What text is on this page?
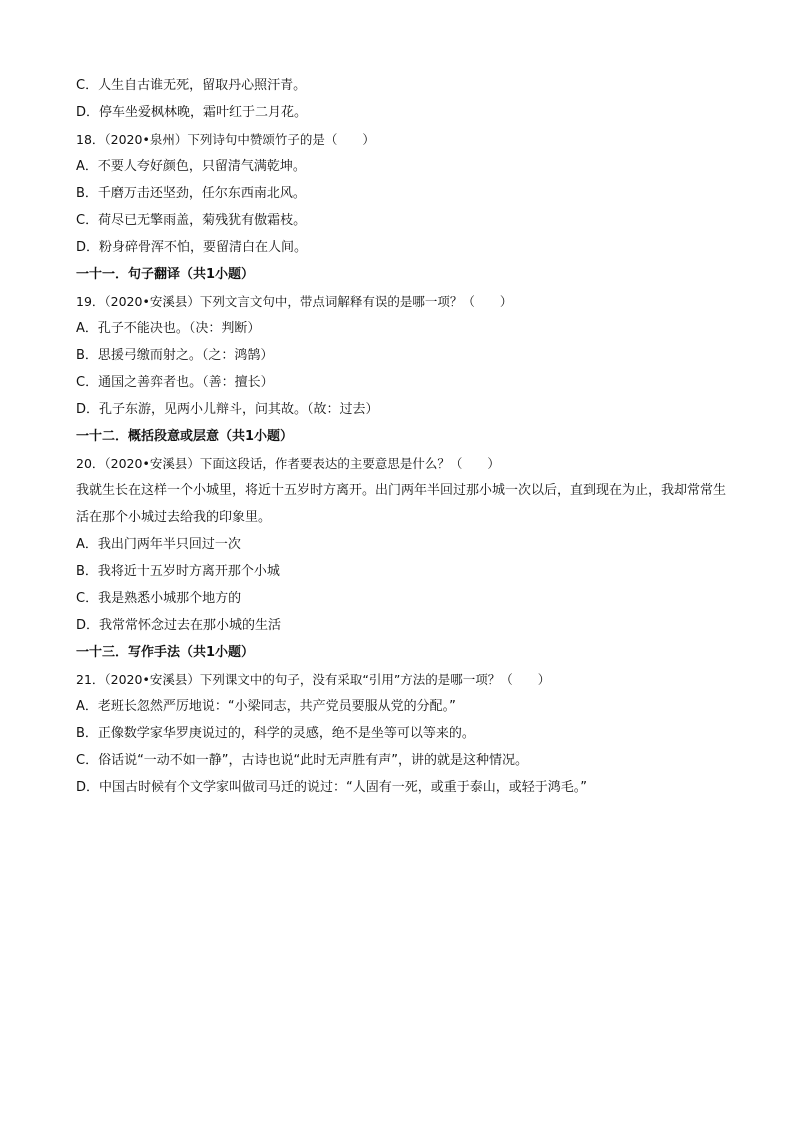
C．人生自古谁无死，留取丹心照汗青。
D．停车坐爱枫林晚，霜叶红于二月花。
18．（2020•泉州）下列诗句中赞颂竹子的是（　　）
A．不要人夸好颜色，只留清气满乾坤。
B．千磨万击还坚劲，任尔东西南北风。
C．荷尽已无擎雨盖，菊残犹有傲霜枝。
D．粉身碎骨浑不怕，要留清白在人间。
一十一．句子翻译（共1小题）
19．（2020•安溪县）下列文言文句中，带点词解释有误的是哪一项？（　　）
A．孔子不能决也。（决：判断）
B．思援弓缴而射之。（之：鸿鹄）
C．通国之善弈者也。（善：擅长）
D．孔子东游，见两小儿辩斗，问其故。（故：过去）
一十二．概括段意或层意（共1小题）
20．（2020•安溪县）下面这段话，作者要表达的主要意思是什么？（　　）
我就生长在这样一个小城里，将近十五岁时方离开。出门两年半回过那小城一次以后，直到现在为止，我却常常生活在那个小城过去给我的印象里。
A．我出门两年半只回过一次
B．我将近十五岁时方离开那个小城
C．我是熟悉小城那个地方的
D．我常常怀念过去在那小城的生活
一十三．写作手法（共1小题）
21．（2020•安溪县）下列课文中的句子，没有采取“引用”方法的是哪一项？（　　）
A．老班长忽然严厉地说：“小梁同志，共产党员要服从党的分配。”
B．正像数学家华罗庚说过的，科学的灵感，绝不是坐等可以等来的。
C．俗话说“一动不如一静”，古诗也说“此时无声胜有声”，讲的就是这种情况。
D．中国古时候有个文学家叫做司马迁的说过：“人固有一死，或重于泰山，或轻于鸿毛。”
